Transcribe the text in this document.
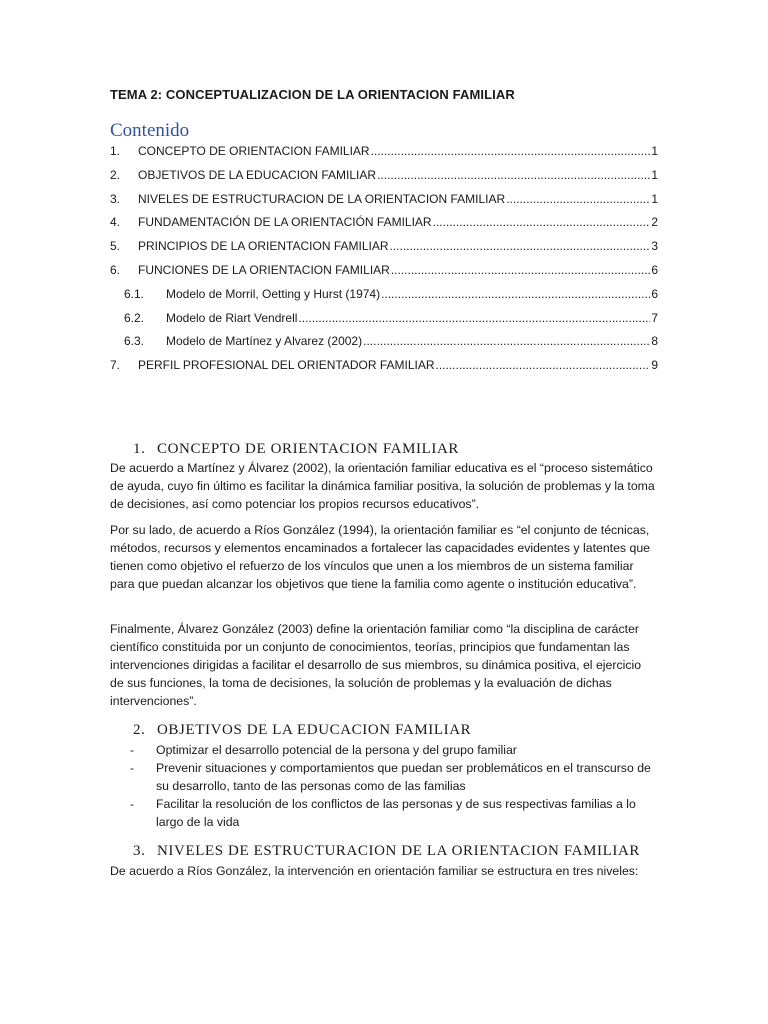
TEMA 2: CONCEPTUALIZACION DE LA ORIENTACION FAMILIAR
Contenido
1.	CONCEPTO DE ORIENTACION FAMILIAR .....	1
2.	OBJETIVOS DE LA EDUCACION FAMILIAR .....	1
3.	NIVELES DE ESTRUCTURACION DE LA ORIENTACION FAMILIAR .....	1
4.	FUNDAMENTACIÓN DE LA ORIENTACIÓN FAMILIAR .....	2
5.	PRINCIPIOS DE LA ORIENTACION FAMILIAR .....	3
6.	FUNCIONES DE LA ORIENTACION FAMILIAR .....	6
6.1.	Modelo de Morril, Oetting y Hurst (1974) .....	6
6.2.	Modelo de Riart Vendrell .....	7
6.3.	Modelo de Martínez y Alvarez (2002) .....	8
7.	PERFIL PROFESIONAL DEL ORIENTADOR FAMILIAR .....	9
1. CONCEPTO DE ORIENTACION FAMILIAR

De acuerdo a Martínez y Álvarez (2002), la orientación familiar educativa es el “proceso sistemático de ayuda, cuyo fin último es facilitar la dinámica familiar positiva, la solución de problemas y la toma de decisiones, así como potenciar los propios recursos educativos”.

Por su lado, de acuerdo a Ríos González (1994), la orientación familiar es “el conjunto de técnicas, métodos, recursos y elementos encaminados a fortalecer las capacidades evidentes y latentes que tienen como objetivo el refuerzo de los vínculos que unen a los miembros de un sistema familiar para que puedan alcanzar los objetivos que tiene la familia como agente o institución educativa”.

Finalmente, Álvarez González (2003) define la orientación familiar como “la disciplina de carácter científico constituida por un conjunto de conocimientos, teorías, principios que fundamentan las intervenciones dirigidas a facilitar el desarrollo de sus miembros, su dinámica positiva, el ejercicio de sus funciones, la toma de decisiones, la solución de problemas y la evaluación de dichas intervenciones”.

2. OBJETIVOS DE LA EDUCACION FAMILIAR
- Optimizar el desarrollo potencial de la persona y del grupo familiar
- Prevenir situaciones y comportamientos que puedan ser problemáticos en el transcurso de su desarrollo, tanto de las personas como de las familias
- Facilitar la resolución de los conflictos de las personas y de sus respectivas familias a lo largo de la vida
3. NIVELES DE ESTRUCTURACION DE LA ORIENTACION FAMILIAR

De acuerdo a Ríos González, la intervención en orientación familiar se estructura en tres niveles:
